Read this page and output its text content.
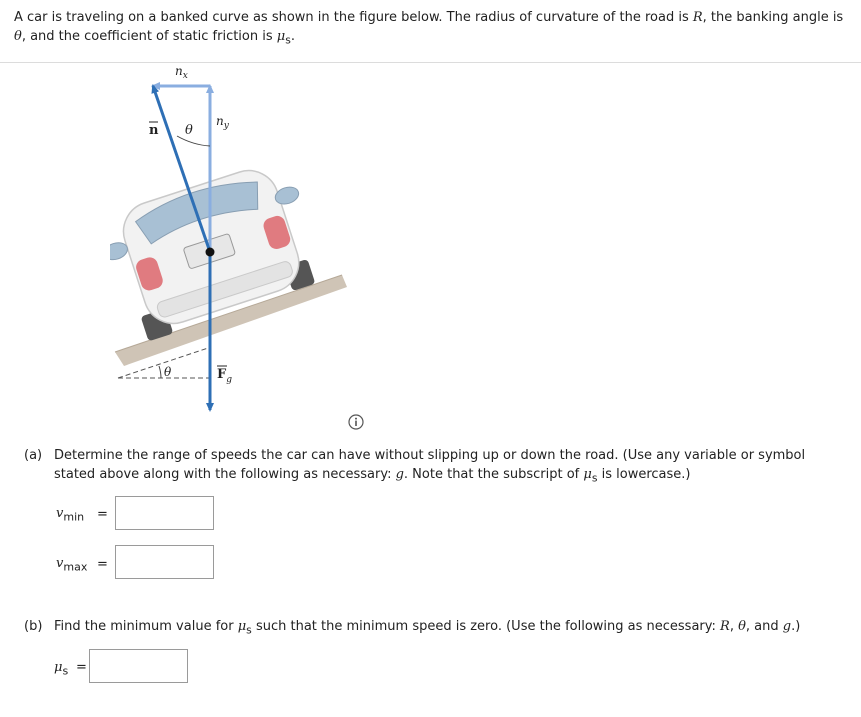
A car is traveling on a banked curve as shown in the figure below. The radius of curvature of the road is R, the banking angle is θ, and the coefficient of static friction is $\mu_s$.
$n_x$
$n_y$
n θ
θ	$F_g$
(a) Determine the range of speeds the car can have without slipping up or down the road. (Use any variable or symbol stated above along with the following as necessary: g. Note that the subscript of $\mu_s$ is lowercase.)
$v_{min}$ =
$v_{max}$ =
(b) Find the minimum value for $\mu_s$ such that the minimum speed is zero. (Use the following as necessary: R, θ, and g.)
$\mu_s$ =
